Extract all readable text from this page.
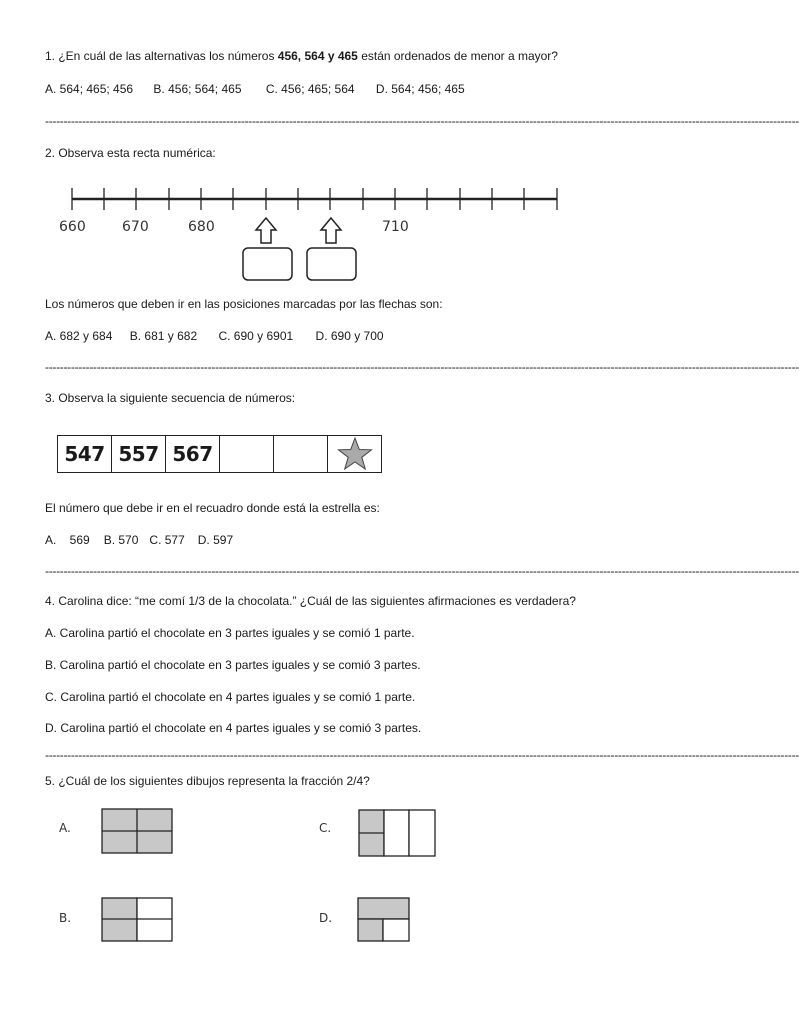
1. ¿En cuál de las alternativas los números 456, 564 y 465 están ordenados de menor a mayor?
A. 564; 465; 456 B. 456; 564; 465 C. 456; 465; 564 D. 564; 456; 465
------------------------------------------------------------------------------------------------------------------------------------------------------------------------------------------------------------
2. Observa esta recta numérica:
660	670	680	710
Los números que deben ir en las posiciones marcadas por las flechas son:
A. 682 y 684 B. 681 y 682 C. 690 y 6901 D. 690 y 700
------------------------------------------------------------------------------------------------------------------------------------------------------------------------------------------------------------
3. Observa la siguiente secuencia de números:
547 557 567
El número que debe ir en el recuadro donde está la estrella es:
A.    569 B. 570 C. 577 D. 597
------------------------------------------------------------------------------------------------------------------------------------------------------------------------------------------------------------
4. Carolina dice: “me comí 1/3 de la chocolata.” ¿Cuál de las siguientes afirmaciones es verdadera?
A. Carolina partió el chocolate en 3 partes iguales y se comió 1 parte.
B. Carolina partió el chocolate en 3 partes iguales y se comió 3 partes.
C. Carolina partió el chocolate en 4 partes iguales y se comió 1 parte.
D. Carolina partió el chocolate en 4 partes iguales y se comió 3 partes.
------------------------------------------------------------------------------------------------------------------------------------------------------------------------------------------------------------
5. ¿Cuál de los siguientes dibujos representa la fracción 2/4?
A.	C.
B.	D.
